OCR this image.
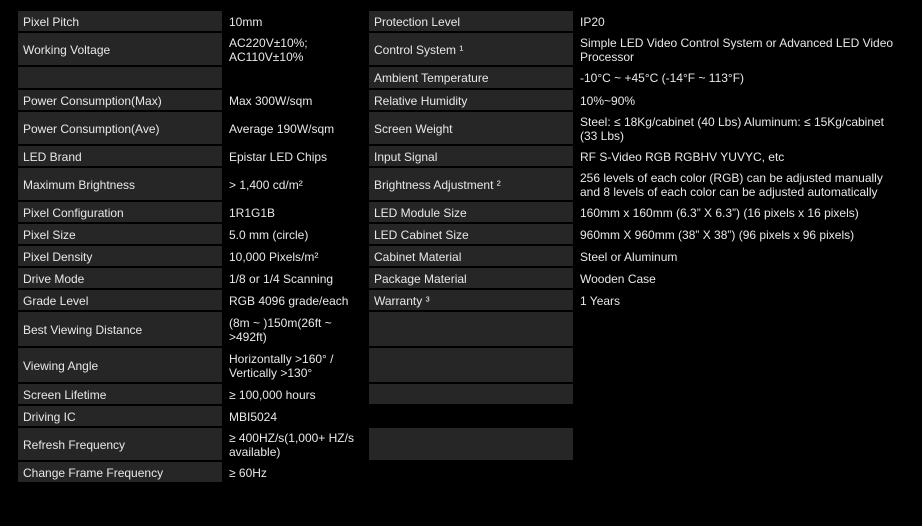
Pixel Pitch	10mm	Protection Level	IP20
Working Voltage	AC220V±10%; AC110V±10%	Control System ¹	Simple LED Video Control System or Advanced LED Video Processor
		Ambient Temperature	-10°C ~ +45°C (-14°F ~ 113°F)
Power Consumption(Max)	Max 300W/sqm	Relative Humidity	10%~90%
Power Consumption(Ave)	Average 190W/sqm	Screen Weight	Steel: ≤ 18Kg/cabinet (40 Lbs) Aluminum: ≤ 15Kg/cabinet (33 Lbs)
LED Brand	Epistar LED Chips	Input Signal	RF S-Video RGB RGBHV YUVYC, etc
Maximum Brightness	> 1,400 cd/m²	Brightness Adjustment ²	256 levels of each color (RGB) can be adjusted manually and 8 levels of each color can be adjusted automatically
Pixel Configuration	1R1G1B	LED Module Size	160mm x 160mm (6.3” X 6.3”) (16 pixels x 16 pixels)
Pixel Size	5.0 mm (circle)	LED Cabinet Size	960mm X 960mm (38” X 38”) (96 pixels x 96 pixels)
Pixel Density	10,000 Pixels/m²	Cabinet Material	Steel or Aluminum
Drive Mode	1/8 or 1/4 Scanning	Package Material	Wooden Case
Grade Level	RGB 4096 grade/each	Warranty ³	1 Years
Best Viewing Distance	(8m ~ )150m(26ft ~ >492ft)		
Viewing Angle	Horizontally >160° / Vertically >130°		
Screen Lifetime	≥ 100,000 hours		
Driving IC	MBI5024		
Refresh Frequency	≥ 400HZ/s(1,000+ HZ/s available)		
Change Frame Frequency	≥ 60Hz		
